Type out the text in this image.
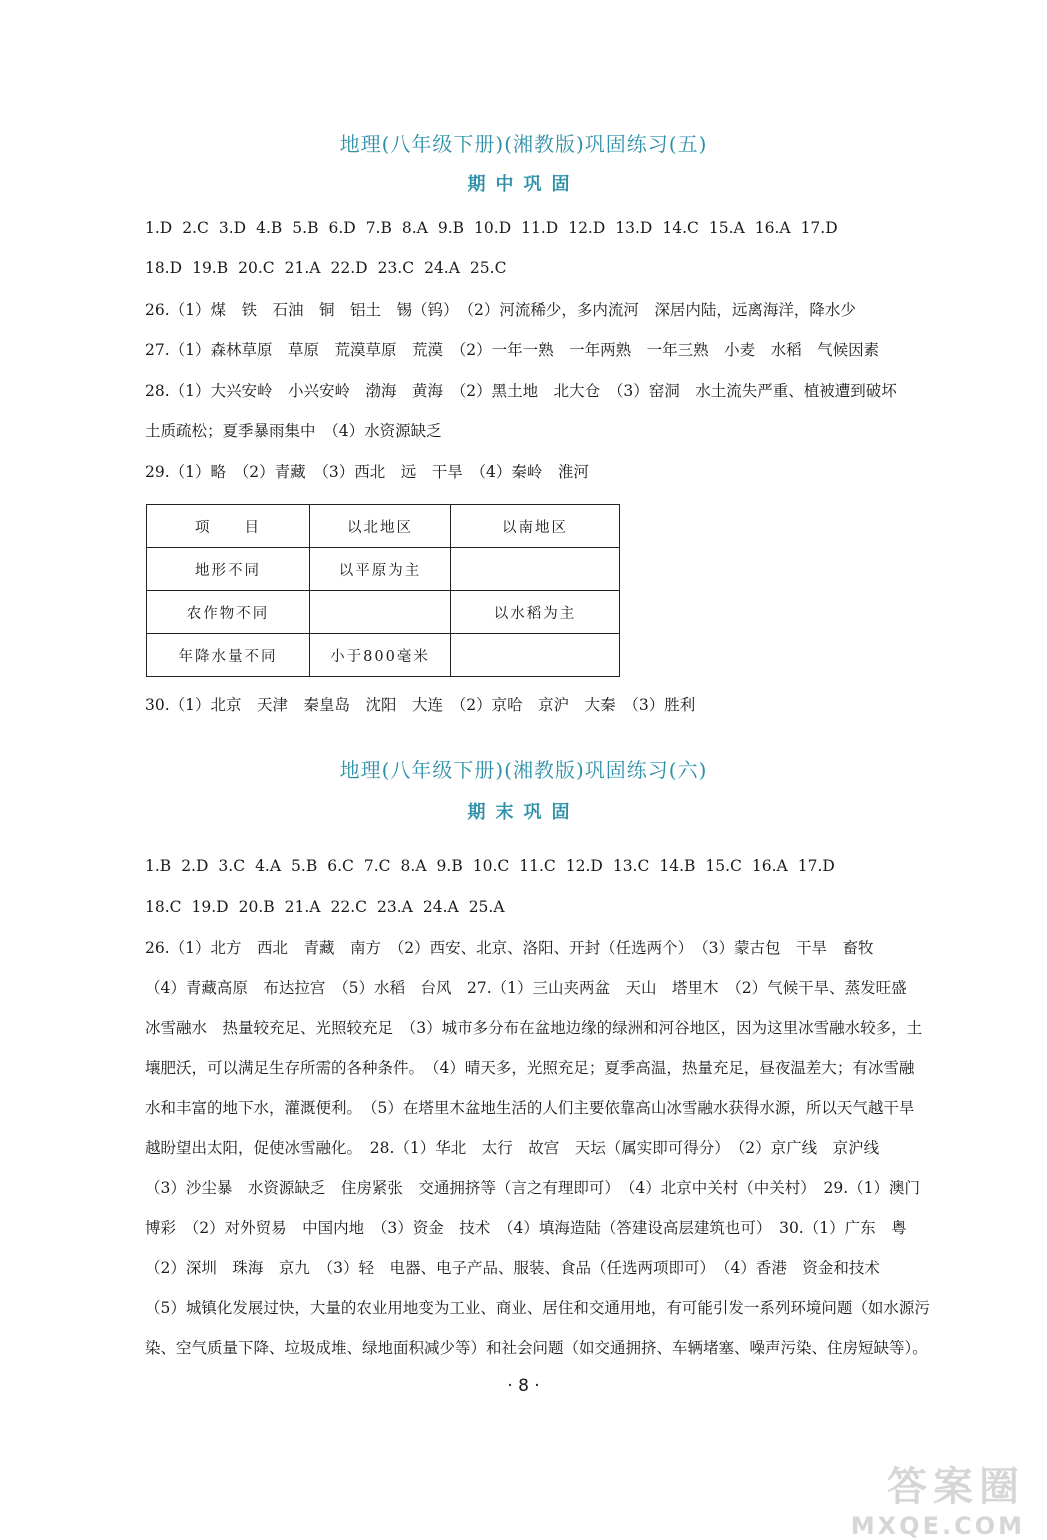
地理(八年级下册)(湘教版)巩固练习(五)
期中巩固
1.D 2.C 3.D 4.B 5.B 6.D 7.B 8.A 9.B 10.D 11.D 12.D 13.D 14.C 15.A 16.A 17.D
18.D 19.B 20.C 21.A 22.D 23.C 24.A 25.C
26.（1）煤　铁　石油　铜　铝土　锡（钨）　（2）河流稀少，多内流河　深居内陆，远离海洋，降水少
27.（1）森林草原　草原　荒漠草原　荒漠　（2）一年一熟　一年两熟　一年三熟　小麦　水稻　气候因素
28.（1）大兴安岭　小兴安岭　渤海　黄海　（2）黑土地　北大仓　（3）窑洞　水土流失严重、植被遭到破坏
土质疏松；夏季暴雨集中　（4）水资源缺乏
29.（1）略　（2）青藏　（3）西北　远　干旱　（4）秦岭　淮河
项　　目	以北地区	以南地区
地形不同	以平原为主	
农作物不同		以水稻为主
年降水量不同	小于800毫米	
30.（1）北京　天津　秦皇岛　沈阳　大连　（2）京哈　京沪　大秦　（3）胜利
地理(八年级下册)(湘教版)巩固练习(六)
期末巩固
1.B 2.D 3.C 4.A 5.B 6.C 7.C 8.A 9.B 10.C 11.C 12.D 13.C 14.B 15.C 16.A 17.D
18.C 19.D 20.B 21.A 22.C 23.A 24.A 25.A
26.（1）北方　西北　青藏　南方　（2）西安、北京、洛阳、开封（任选两个）　（3）蒙古包　干旱　畜牧
（4）青藏高原　布达拉宫　（5）水稻　台风　27.（1）三山夹两盆　天山　塔里木　（2）气候干旱、蒸发旺盛
冰雪融水　热量较充足、光照较充足　（3）城市多分布在盆地边缘的绿洲和河谷地区，因为这里冰雪融水较多，土
壤肥沃，可以满足生存所需的各种条件。　（4）晴天多，光照充足；夏季高温，热量充足，昼夜温差大；有冰雪融
水和丰富的地下水，灌溉便利。　（5）在塔里木盆地生活的人们主要依靠高山冰雪融水获得水源，所以天气越干旱
越盼望出太阳，促使冰雪融化。　28.（1）华北　太行　故宫　天坛（属实即可得分）　（2）京广线　京沪线
（3）沙尘暴　水资源缺乏　住房紧张　交通拥挤等（言之有理即可）　（4）北京中关村（中关村）　29.（1）澳门
博彩　（2）对外贸易　中国内地　（3）资金　技术　（4）填海造陆（答建设高层建筑也可）　30.（1）广东　粤
（2）深圳　珠海　京九　（3）轻　电器、电子产品、服装、食品（任选两项即可）　（4）香港　资金和技术
（5）城镇化发展过快，大量的农业用地变为工业、商业、居住和交通用地，有可能引发一系列环境问题（如水源污
染、空气质量下降、垃圾成堆、绿地面积减少等）和社会问题（如交通拥挤、车辆堵塞、噪声污染、住房短缺等）。
· 8 ·
答案圈
MXQE.COM
